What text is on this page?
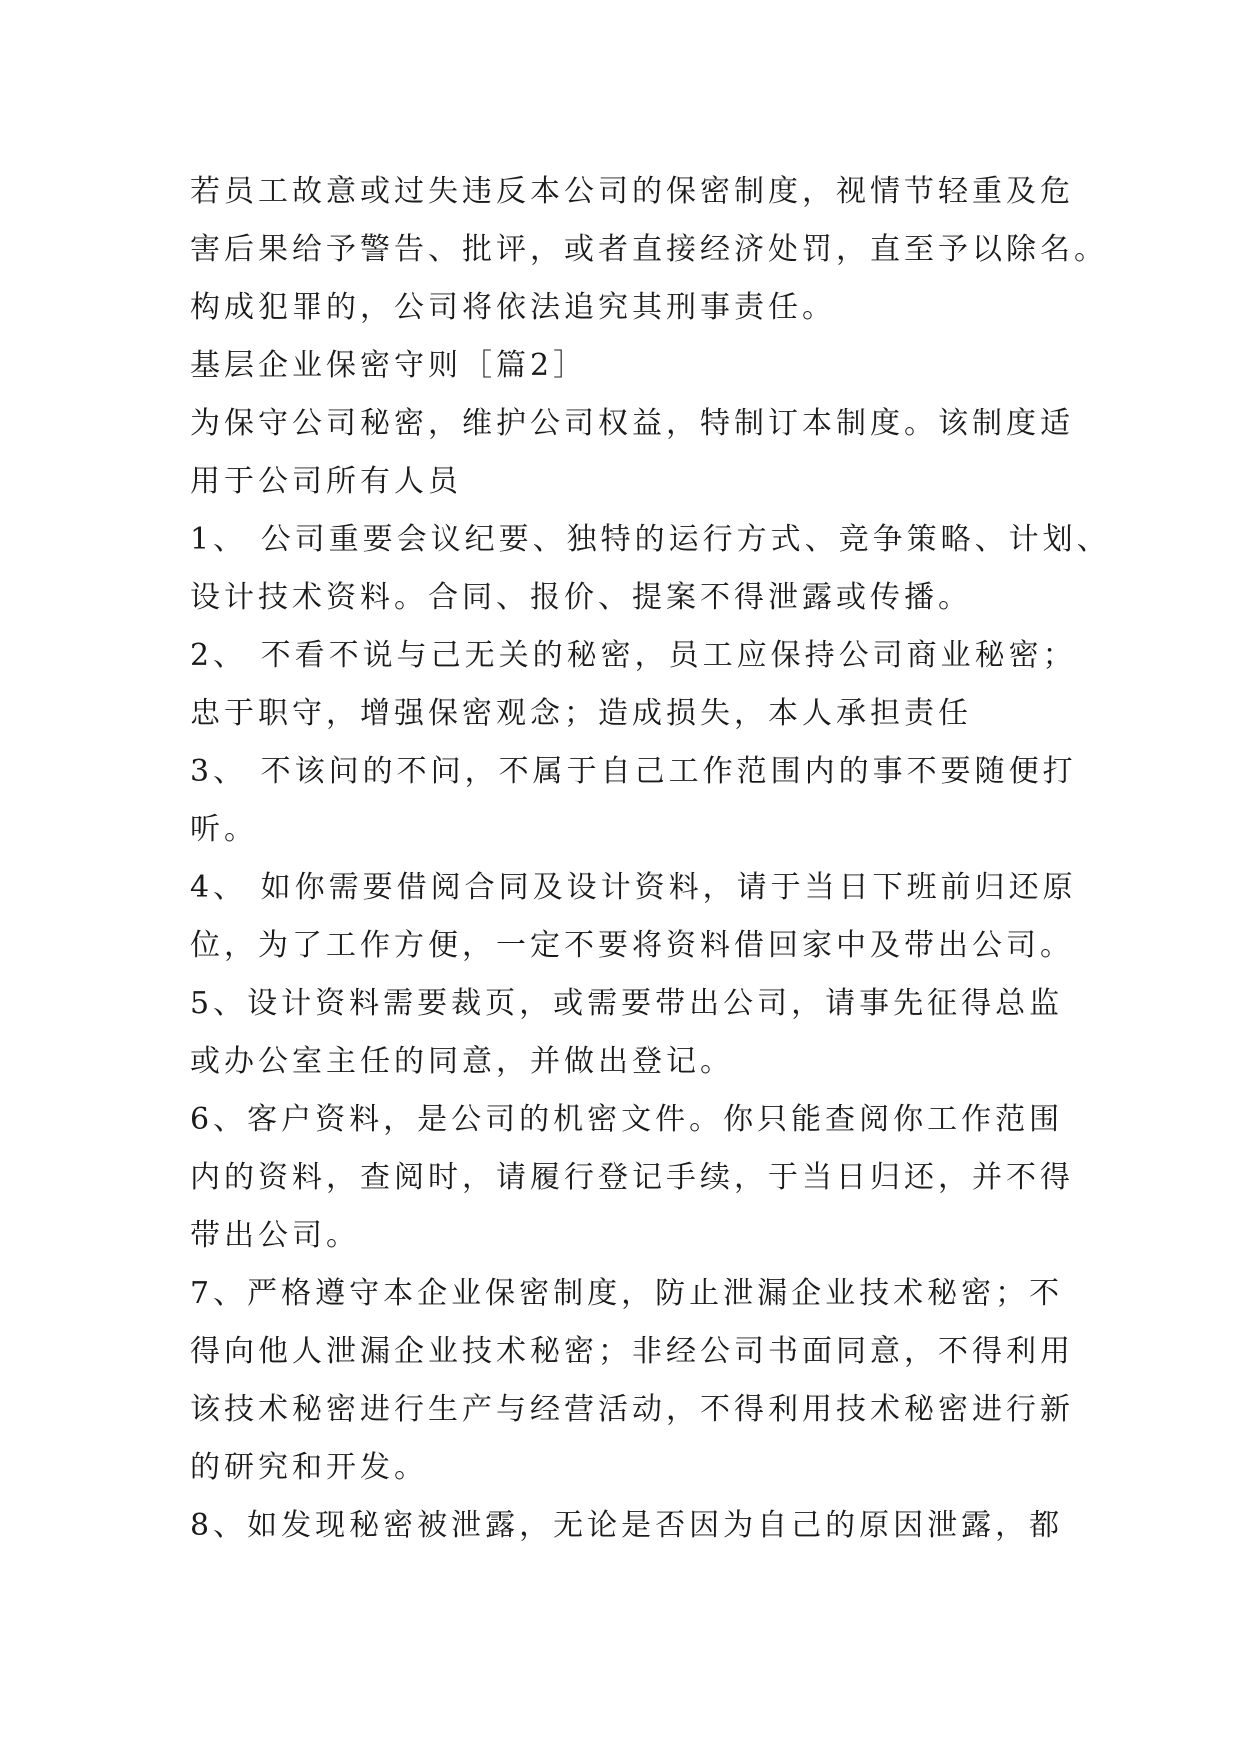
若员工故意或过失违反本公司的保密制度，视情节轻重及危
害后果给予警告、批评，或者直接经济处罚，直至予以除名。
构成犯罪的，公司将依法追究其刑事责任。
基层企业保密守则［篇2］
为保守公司秘密，维护公司权益，特制订本制度。该制度适
用于公司所有人员
1、 公司重要会议纪要、独特的运行方式、竞争策略、计划、
设计技术资料。合同、报价、提案不得泄露或传播。
2、 不看不说与己无关的秘密，员工应保持公司商业秘密；
忠于职守，增强保密观念；造成损失，本人承担责任
3、 不该问的不问，不属于自己工作范围内的事不要随便打
听。
4、 如你需要借阅合同及设计资料，请于当日下班前归还原
位，为了工作方便，一定不要将资料借回家中及带出公司。
5、设计资料需要裁页，或需要带出公司，请事先征得总监
或办公室主任的同意，并做出登记。
6、客户资料，是公司的机密文件。你只能查阅你工作范围
内的资料，查阅时，请履行登记手续，于当日归还，并不得
带出公司。
7、严格遵守本企业保密制度，防止泄漏企业技术秘密；不
得向他人泄漏企业技术秘密；非经公司书面同意，不得利用
该技术秘密进行生产与经营活动，不得利用技术秘密进行新
的研究和开发。
8、如发现秘密被泄露，无论是否因为自己的原因泄露，都
